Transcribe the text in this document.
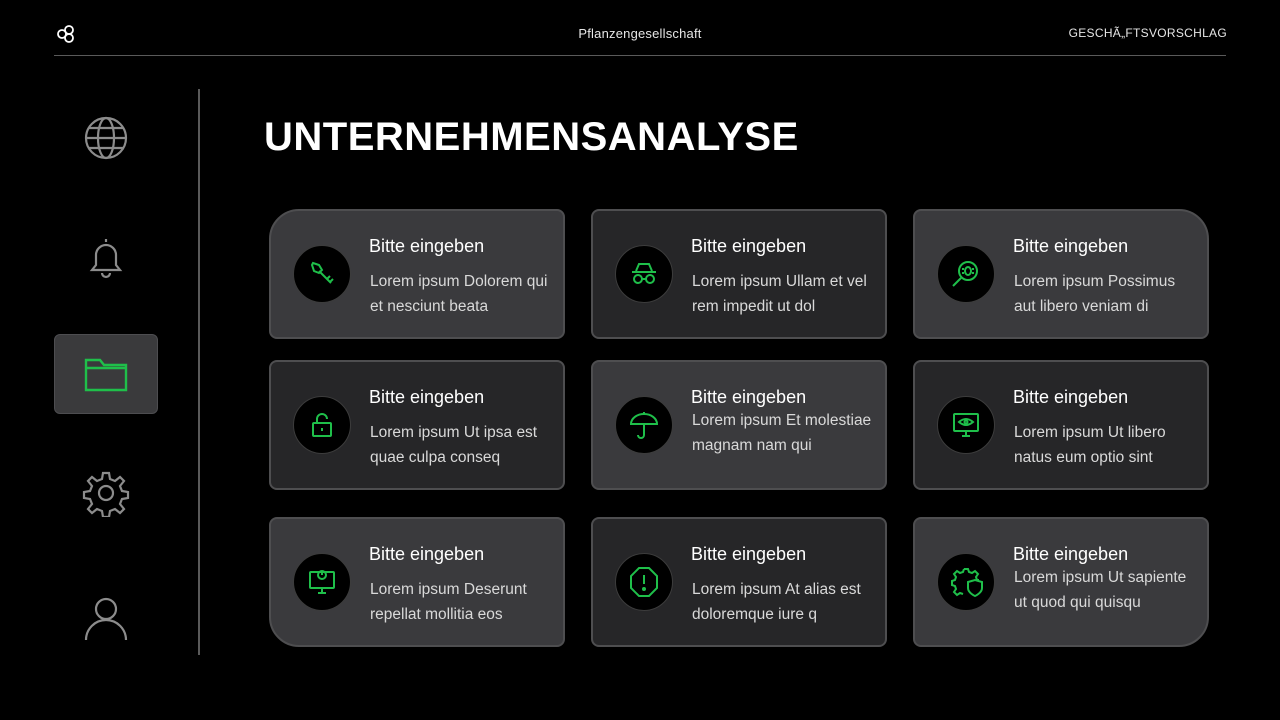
Pflanzengesellschaft	GESCHÃ„FTSVORSCHLAG
UNTERNEHMENSANALYSE
Bitte eingeben
Lorem ipsum Dolorem qui et nesciunt beata
Bitte eingeben
Lorem ipsum Ullam et vel rem impedit ut dol
Bitte eingeben
Lorem ipsum Possimus aut libero veniam di
Bitte eingeben
Lorem ipsum Ut ipsa est quae culpa conseq
Bitte eingeben
Lorem ipsum Et molestiae magnam nam qui
Bitte eingeben
Lorem ipsum Ut libero natus eum optio sint
Bitte eingeben
Lorem ipsum Deserunt repellat mollitia eos
Bitte eingeben
Lorem ipsum At alias est doloremque iure q
Bitte eingeben
Lorem ipsum Ut sapiente ut quod qui quisqu
